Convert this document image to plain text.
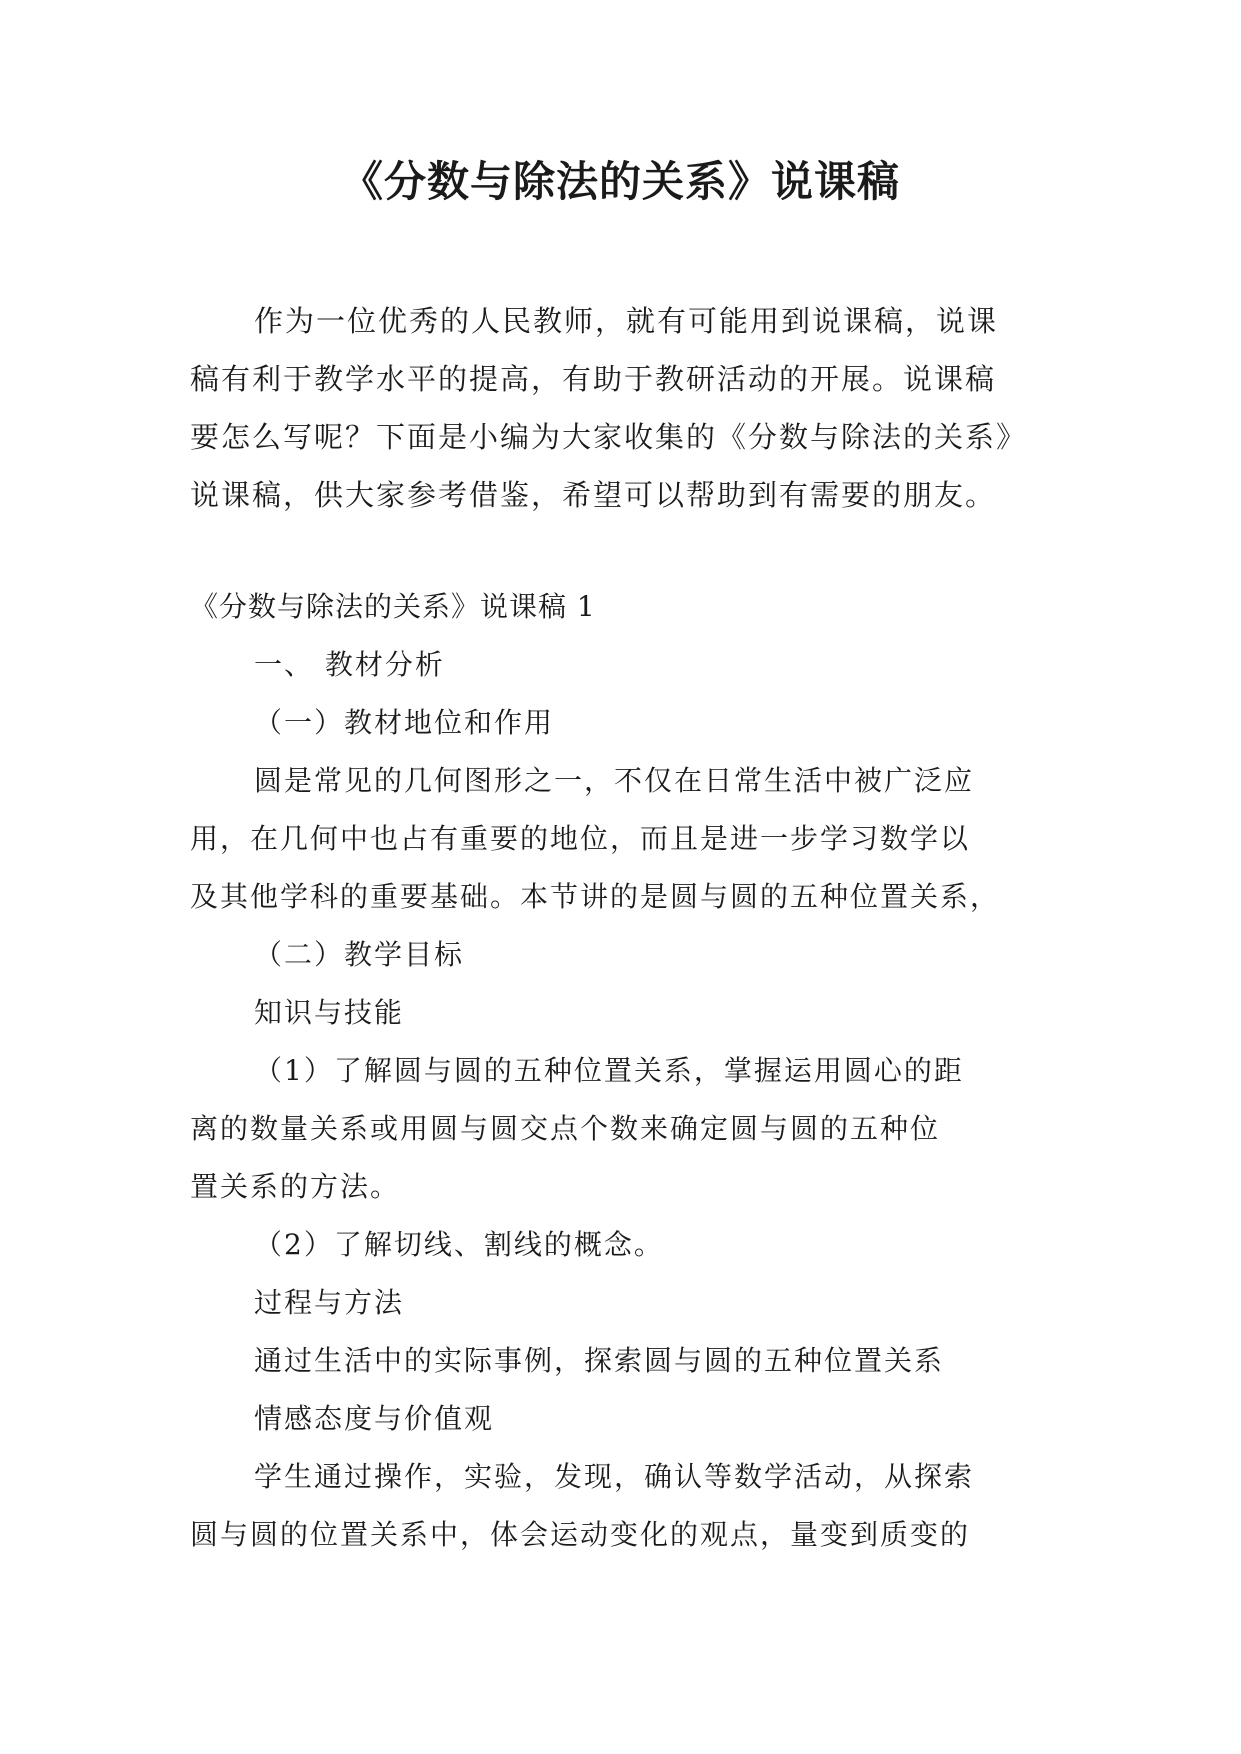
《分数与除法的关系》说课稿
作为一位优秀的人民教师，就有可能用到说课稿，说课
稿有利于教学水平的提高，有助于教研活动的开展。说课稿
要怎么写呢？下面是小编为大家收集的《分数与除法的关系》
说课稿，供大家参考借鉴，希望可以帮助到有需要的朋友。
《分数与除法的关系》说课稿 1
一、 教材分析
（一）教材地位和作用
圆是常见的几何图形之一，不仅在日常生活中被广泛应
用，在几何中也占有重要的地位，而且是进一步学习数学以
及其他学科的重要基础。本节讲的是圆与圆的五种位置关系，
（二）教学目标
知识与技能
（1）了解圆与圆的五种位置关系，掌握运用圆心的距
离的数量关系或用圆与圆交点个数来确定圆与圆的五种位
置关系的方法。
（2）了解切线、割线的概念。
过程与方法
通过生活中的实际事例，探索圆与圆的五种位置关系
情感态度与价值观
学生通过操作，实验，发现，确认等数学活动，从探索
圆与圆的位置关系中，体会运动变化的观点，量变到质变的
